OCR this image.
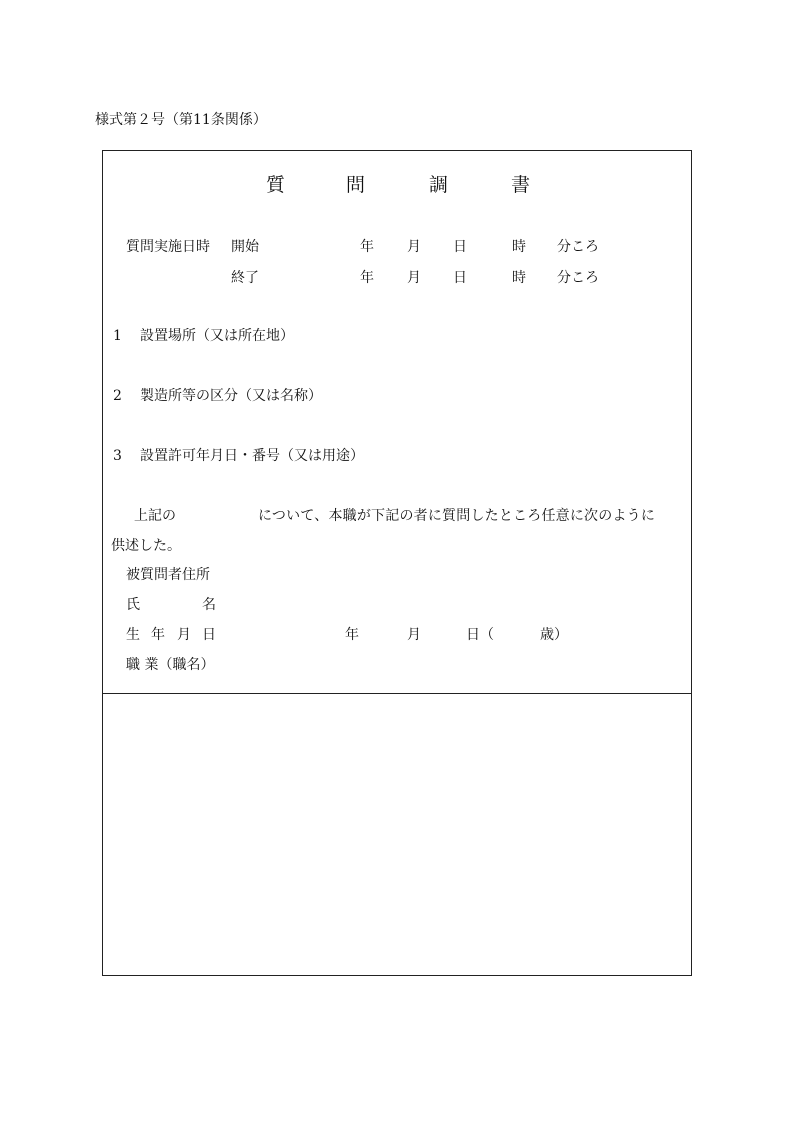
様式第２号（第11条関係）
質	問	調	書
質問実施日時 開始	年 月 日	時 分ころ
終了	年 月 日	時 分ころ
1 設置場所（又は所在地）
2 製造所等の区分（又は名称）
3 設置許可年月日・番号（又は用途）
上記の	について、本職が下記の者に質問したところ任意に次のように
供述した。
被質問者住所
氏	名
生 年 月 日	年	月	日（	歳）
職 業（職名）
